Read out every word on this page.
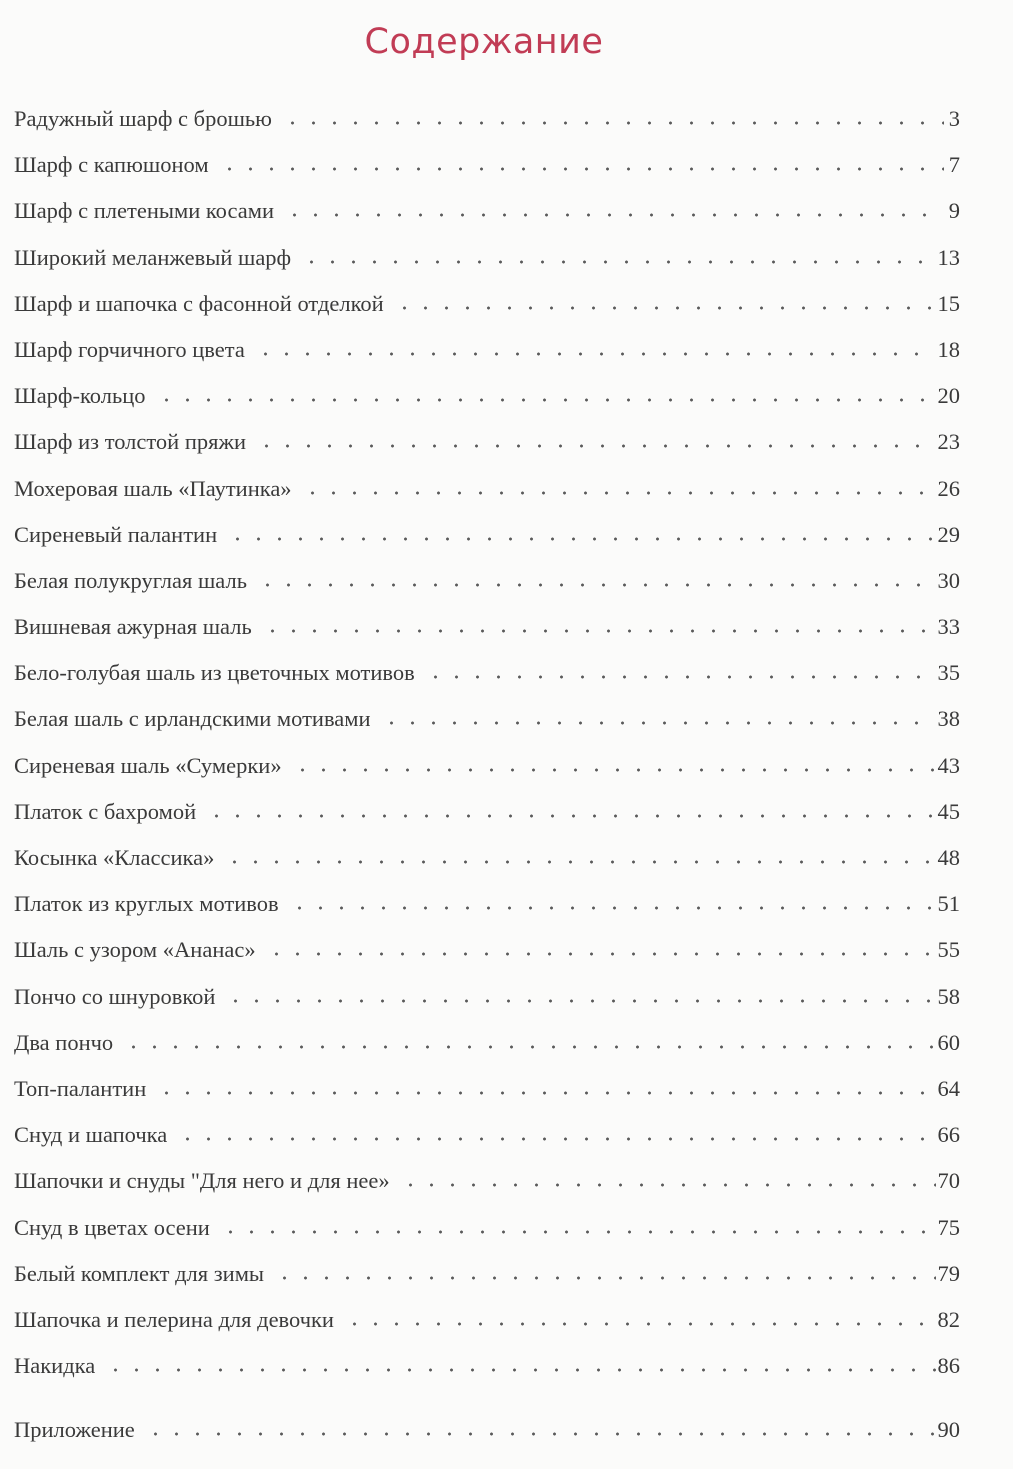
Содержание
Радужный шарф с брошью	3
Шарф с капюшоном	7
Шарф с плетеными косами	9
Широкий меланжевый шарф	13
Шарф и шапочка с фасонной отделкой	15
Шарф горчичного цвета	18
Шарф-кольцо	20
Шарф из толстой пряжи	23
Мохеровая шаль «Паутинка»	26
Сиреневый палантин	29
Белая полукруглая шаль	30
Вишневая ажурная шаль	33
Бело-голубая шаль из цветочных мотивов	35
Белая шаль с ирландскими мотивами	38
Сиреневая шаль «Сумерки»	43
Платок с бахромой	45
Косынка «Классика»	48
Платок из круглых мотивов	51
Шаль с узором «Ананас»	55
Пончо со шнуровкой	58
Два пончо	60
Топ-палантин	64
Снуд и шапочка	66
Шапочки и снуды "Для него и для нее»	70
Снуд в цветах осени	75
Белый комплект для зимы	79
Шапочка и пелерина для девочки	82
Накидка	86
Приложение	90
